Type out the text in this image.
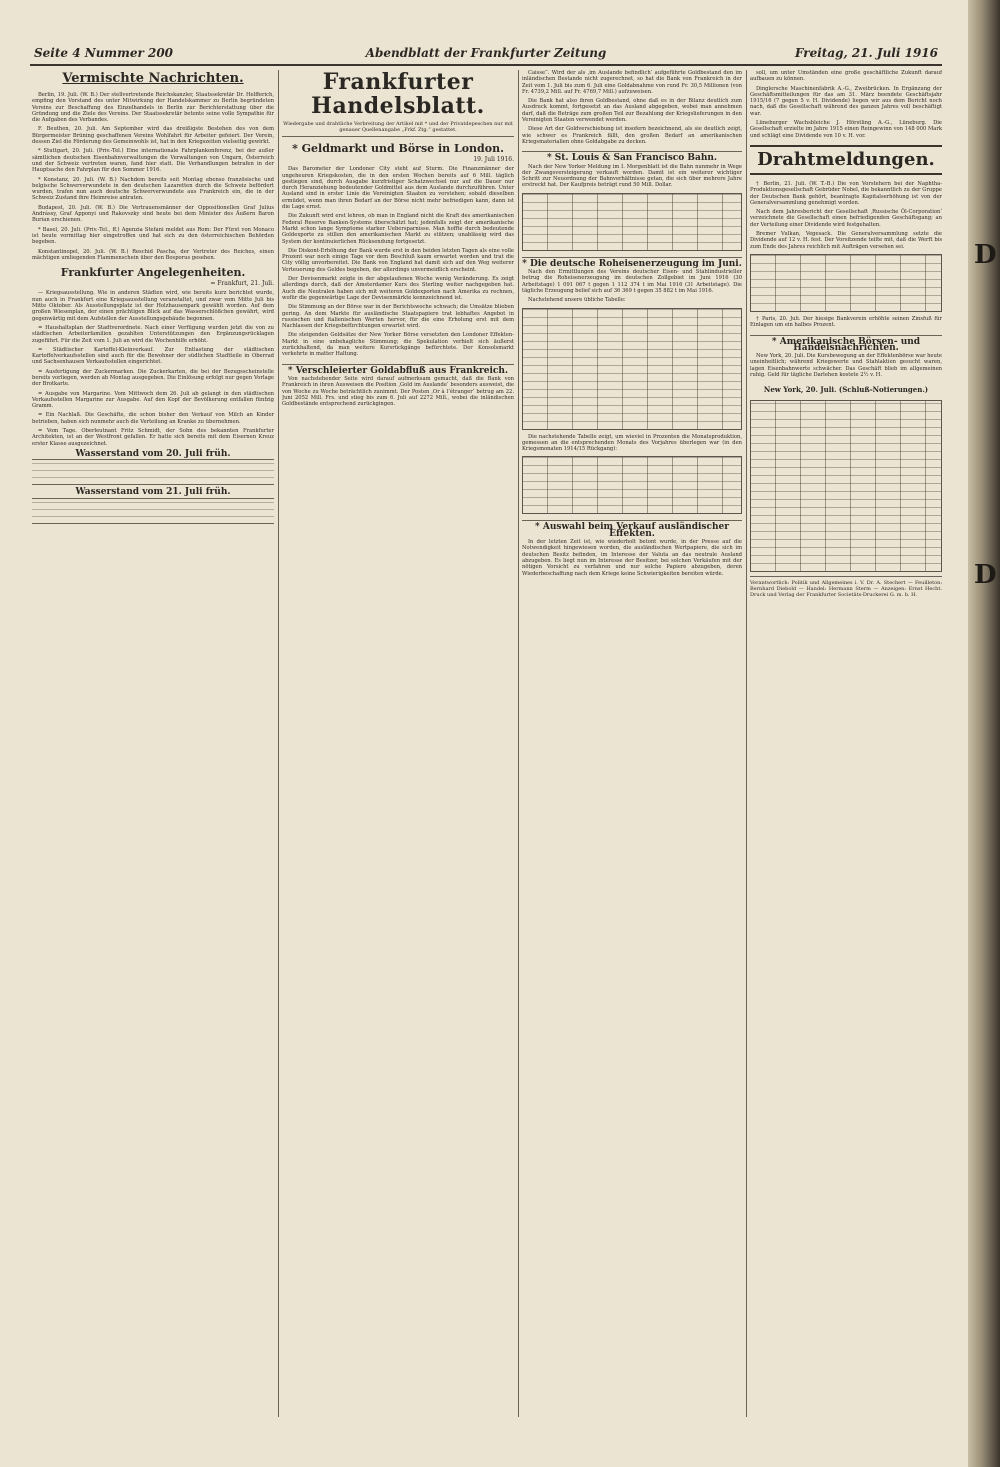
Seite 4 Nummer 200	Abendblatt der Frankfurter Zeitung	Freitag, 21. Juli 1916
Vermischte Nachrichten.

Berlin, 19. Juli. (W. B.) Der stellvertretende Reichskanzler, Staatssekretär Dr. Helfferich, empfing den Vorstand des unter Mitwirkung der Handelskammer zu Berlin begründeten Vereins zur Beschaffung des Einzelhandels in Berlin zur Berichterstattung über die Gründung und die Ziele des Vereins. Der Staatssekretär betonte seine volle Sympathie für die Aufgaben des Verbandes.

F. Beuthen, 20. Juli. Am September wird das dreißigste Bestehen des von dem Bürgermeister Brüning geschaffenen Vereins Wohlfahrt für Arbeiter gefeiert. Der Verein, dessen Ziel die Förderung des Gemeinwohls ist, hat in den Kriegszeiten vielseitig gewirkt.

* Stuttgart, 20. Juli. (Priv.-Tel.) Eine internationale Fahrplankonferenz, bei der außer sämtlichen deutschen Eisenbahnverwaltungen die Verwaltungen von Ungarn, Österreich und der Schweiz vertreten waren, fand hier statt. Die Verhandlungen betrafen in der Hauptsache den Fahrplan für den Sommer 1916.

* Konstanz, 20. Juli. (W. B.) Nachdem bereits seit Montag ebenso französische und belgische Schwerverwundete in den deutschen Lazaretten durch die Schweiz befördert wurden, trafen nun auch deutsche Schwerverwundete aus Frankreich ein, die in der Schweiz Zustand ihre Heimreise antraten.

Budapest, 20. Juli. (W. B.) Die Vertrauensmänner der Oppositionellen Graf Julius Andrássy, Graf Apponyi und Rakovszky sind heute bei dem Minister des Äußern Baron Burian erschienen.

* Basel, 20. Juli. (Priv.-Tel., ff.) Agenzia Stefani meldet aus Rom: Der Fürst von Monaco ist heute vormittag hier eingetroffen und hat sich zu den österreichischen Behörden begeben.

Konstantinopel, 20. Juli. (W. B.) Reschid Pascha, der Vertreter des Reiches, einen mächtigen umliegenden Flammenschein über den Bosporus gesehen.

Frankfurter Angelegenheiten.
= Frankfurt, 21. Juli.

— Kriegsausstellung. Wie in anderen Städten wird, wie bereits kurz berichtet wurde, nun auch in Frankfurt eine Kriegsausstellung veranstaltet, und zwar vom Mitte Juli bis Mitte Oktober. Als Ausstellungsplatz ist der Holzhausenpark gewählt worden. Auf dem großen Wiesenplan, der einen prächtigen Blick auf das Wasserschlößchen gewährt, wird gegenwärtig mit dem Aufstellen der Ausstellungsgebäude begonnen.

= Haushaltsplan der Stadtverordnete. Nach einer Verfügung wurden jetzt die von zu städtischen Arbeiterfamilien gezahlten Unterstützungen den Ergänzungsrücklagen zugeführt. Für die Zeit vom 1. Juli an wird die Wochenhilfe erhöht.

= Städtischer Kartoffel-Kleinverkauf. Zur Entlastung der städtischen Kartoffelverkaufsstellen sind auch für die Bewohner der südlichen Stadtteile in Oberrad und Sachsenhausen Verkaufsstellen eingerichtet.

= Ausfertigung der Zuckermarken. Die Zuckerkarten, die bei der Bezugsscheinstelle bereits vorliegen, werden ab Montag ausgegeben. Die Einlösung erfolgt nur gegen Vorlage der Brotkarte.

= Ausgabe von Margarine. Vom Mittwoch dem 26. Juli ab gelangt in den städtischen Verkaufsstellen Margarine zur Ausgabe. Auf den Kopf der Bevölkerung entfallen fünfzig Gramm.

= Ein Nachlaß. Die Geschäfte, die schon bisher den Verkauf von Milch an Kinder betrieben, haben sich nunmehr auch die Verteilung an Kranke zu übernehmen.

= Vom Tage. Oberleutnant Fritz Schmidt, der Sohn des bekannten Frankfurter Architekten, ist an der Westfront gefallen. Er hatte sich bereits mit dem Eisernen Kreuz erster Klasse ausgezeichnet.

Wasserstand vom 20. Juli früh.
Wasserstand vom 21. Juli früh.
Frankfurter Handelsblatt.
Wiedergabe und drahtliche Verbreitung der Artikel mit * und der Privatdepeschen nur mit genauer Quellenangabe „Frkf. Ztg.“ gestattet.
* Geldmarkt und Börse in London.
19. Juli 1916.

Das Barometer der Londoner City steht auf Sturm. Die Finanzmänner der ungeheuren Kriegskosten, die in den ersten Wochen bereits auf 6 Mill. täglich gestiegen sind, durch Ausgabe kurzfristiger Schatzwechsel nur auf die Dauer nur durch Heranziehung bedeutender Goldmittel aus dem Auslande durchzuführen. Unter Ausland sind in erster Linie die Vereinigten Staaten zu verstehen; sobald dieselben ermüdet, wenn man ihren Bedarf an der Börse nicht mehr befriedigen kann, dann ist die Lage ernst.

Die Zukunft wird erst lehren, ob man in England nicht die Kraft des amerikanischen Federal Reserve Banken-Systems überschätzt hat; jedenfalls zeigt der amerikanische Markt schon lange Symptome starker Uebersparnisse. Man hoffte durch bedeutende Goldexporte zu stillen den amerikanischen Markt zu stützen; unablässig wird das System der kontinuierlichen Rücksendung fortgesetzt.

Die Diskont-Erhöhung der Bank wurde erst in den beiden letzten Tagen als eine volle Prozent war noch einige Tage vor dem Beschluß kaum erwartet worden und trat die City völlig unvorbereitet. Die Bank von England hat damit sich auf den Weg weiterer Verteuerung des Geldes begeben, der allerdings unvermeidlich erscheint.

Der Devisenmarkt zeigte in der abgelaufenen Woche wenig Veränderung. Es zeigt allerdings durch, daß der Amsterdamer Kurs des Sterling weiter nachgegeben hat. Auch die Neutralen haben sich mit weiteren Goldexporten nach Amerika zu rechnen, wofür die gegenwärtige Lage der Devisenmärkte kennzeichnend ist.

Die Stimmung an der Börse war in der Berichtswoche schwach; die Umsätze blieben gering. An dem Markte für ausländische Staatspapiere trat lebhaftes Angebot in russischen und italienischen Werten hervor, für die eine Erholung erst mit dem Nachlassen der Kriegsbefürchtungen erwartet wird.

Die steigenden Geldsätze der New Yorker Börse versetzten den Londoner Effekten-Markt in eine unbehagliche Stimmung; die Spekulation verhielt sich äußerst zurückhaltend, da man weitere Kursrückgänge befürchtete. Der Konsolsmarkt verkehrte in matter Haltung.

* Verschleierter Goldabfluß aus Frankreich.

Von nachstehender Seite wird darauf aufmerksam gemacht, daß die Bank von Frankreich in ihren Ausweisen die Position ‚Gold im Auslande‘ besonders ausweist, die von Woche zu Woche beträchtlich zunimmt. Der Posten ‚Or à l’étranger‘ betrug am 22. Juni 2052 Mill. Frs. und stieg bis zum 6. Juli auf 2272 Mill., wobei die inländischen Goldbestände entsprechend zurückgingen.

Caisse“. Wird der als ‚im Auslande befindlich‘ aufgeführte Goldbestand den im inländischen Bestande nicht zugerechnet, so hat die Bank von Frankreich in der Zeit vom 1. Juli bis zum 6. Juli eine Goldabnahme von rund Fr. 30,5 Millionen (von Fr. 4739,2 Mill. auf Fr. 4769,7 Mill.) aufzuweisen.

Die Bank hat also ihren Goldbestand, ohne daß es in der Bilanz deutlich zum Ausdruck kommt, fortgesetzt an das Ausland abgegeben, wobei man annehmen darf, daß die Beträge zum großen Teil zur Bezahlung der Kriegslieferungen in den Vereinigten Staaten verwendet werden.

Diese Art der Goldverschiebung ist insofern bezeichnend, als sie deutlich zeigt, wie schwer es Frankreich fällt, den großen Bedarf an amerikanischen Kriegsmaterialien ohne Goldabgabe zu decken.

* St. Louis & San Francisco Bahn.

Nach der New Yorker Meldung im I. Morgenblatt ist die Bahn nunmehr in Wege der Zwangsversteigerung verkauft worden. Damit ist ein weiterer wichtiger Schritt zur Neuordnung der Bahnverhältnisse getan, die sich über mehrere Jahre erstreckt hat. Der Kaufpreis beträgt rund 50 Mill. Dollar.

* Die deutsche Roheisenerzeugung im Juni.

Nach den Ermittlungen des Vereins deutscher Eisen- und Stahlindustrieller betrug die Roheisenerzeugung im deutschen Zollgebiet im Juni 1916 (30 Arbeitstage) 1 091 067 t gegen 1 112 374 t im Mai 1916 (31 Arbeitstage). Die tägliche Erzeugung belief sich auf 36 369 t gegen 35 882 t im Mai 1916.

Nachstehend unsere übliche Tabelle:

Die nachstehende Tabelle zeigt, um wieviel in Prozenten die Monatsproduktion, gemessen an die entsprechenden Monats des Vorjahres überlegen war (in den Kriegsmonaten 1914/15 Rückgang):

* Auswahl beim Verkauf ausländischer Effekten.

In der letzten Zeit ist, wie wiederholt betont wurde, in der Presse auf die Notwendigkeit hingewiesen worden, die ausländischen Wertpapiere, die sich im deutschen Besitz befinden, im Interesse der Valuta an das neutrale Ausland abzugeben. Es liegt nun im Interesse der Besitzer, bei solchen Verkäufen mit der nötigen Vorsicht zu verfahren und nur solche Papiere abzugeben, deren Wiederbeschaffung nach dem Kriege keine Schwierigkeiten bereiten würde.

soll, um unter Umständen eine große geschäftliche Zukunft darauf aufbauen zu können.

Dinglersche Maschinenfabrik A.-G., Zweibrücken. In Ergänzung der Geschäftsmitteilungen für das am 31. März beendete Geschäftsjahr 1915/16 (7 gegen 5 v. H. Dividende) liegen wir aus dem Bericht noch nach, daß die Gesellschaft während des ganzen Jahres voll beschäftigt war.

Lüneburger Wachsbleiche J. Hörstling A.-G., Lüneburg. Die Gesellschaft erzielte im Jahre 1915 einen Reingewinn von 148 000 Mark und schlägt eine Dividende von 10 v. H. vor.

Drahtmeldungen.

† Berlin, 21. Juli. (W. T.-B.) Die von Vorstehern bei der Naphtha-Produktionsgesellschaft Gebrüder Nobel, die bekanntlich zu der Gruppe der Deutschen Bank gehört, beantragte Kapitalserhöhung ist von der Generalversammlung genehmigt worden.

Nach dem Jahresbericht der Gesellschaft ‚Russische Öl-Corporation‘ verzeichnete die Gesellschaft einen befriedigenden Geschäftsgang; an der Verteilung einer Dividende wird festgehalten.

Bremer Vulkan, Vegesack. Die Generalversammlung setzte die Dividende auf 12 v. H. fest. Der Vorsitzende teilte mit, daß die Werft bis zum Ende des Jahres reichlich mit Aufträgen versehen sei.

† Paris, 20. Juli. Der hiesige Bankverein erhöhte seinen Zinsfuß für Einlagen um ein halbes Prozent.

* Amerikanische Börsen- und Handelsnachrichten.

New York, 20. Juli. Die Kursbewegung an der Effektenbörse war heute uneinheitlich; während Kriegswerte und Stahlaktien gesucht waren, lagen Eisenbahnwerte schwächer. Das Geschäft blieb im allgemeinen ruhig. Geld für tägliche Darlehen kostete 2½ v. H.

New York, 20. Juli. (Schluß-Notierungen.)
Verantwortlich: Politik und Allgemeines i. V. Dr. A. Stechert — Feuilleton: Bernhard Diebold — Handel: Hermann Sterm — Anzeigen: Ernst Hecht. Druck und Verlag der Frankfurter Societäts-Druckerei G. m. b. H.
D
D
